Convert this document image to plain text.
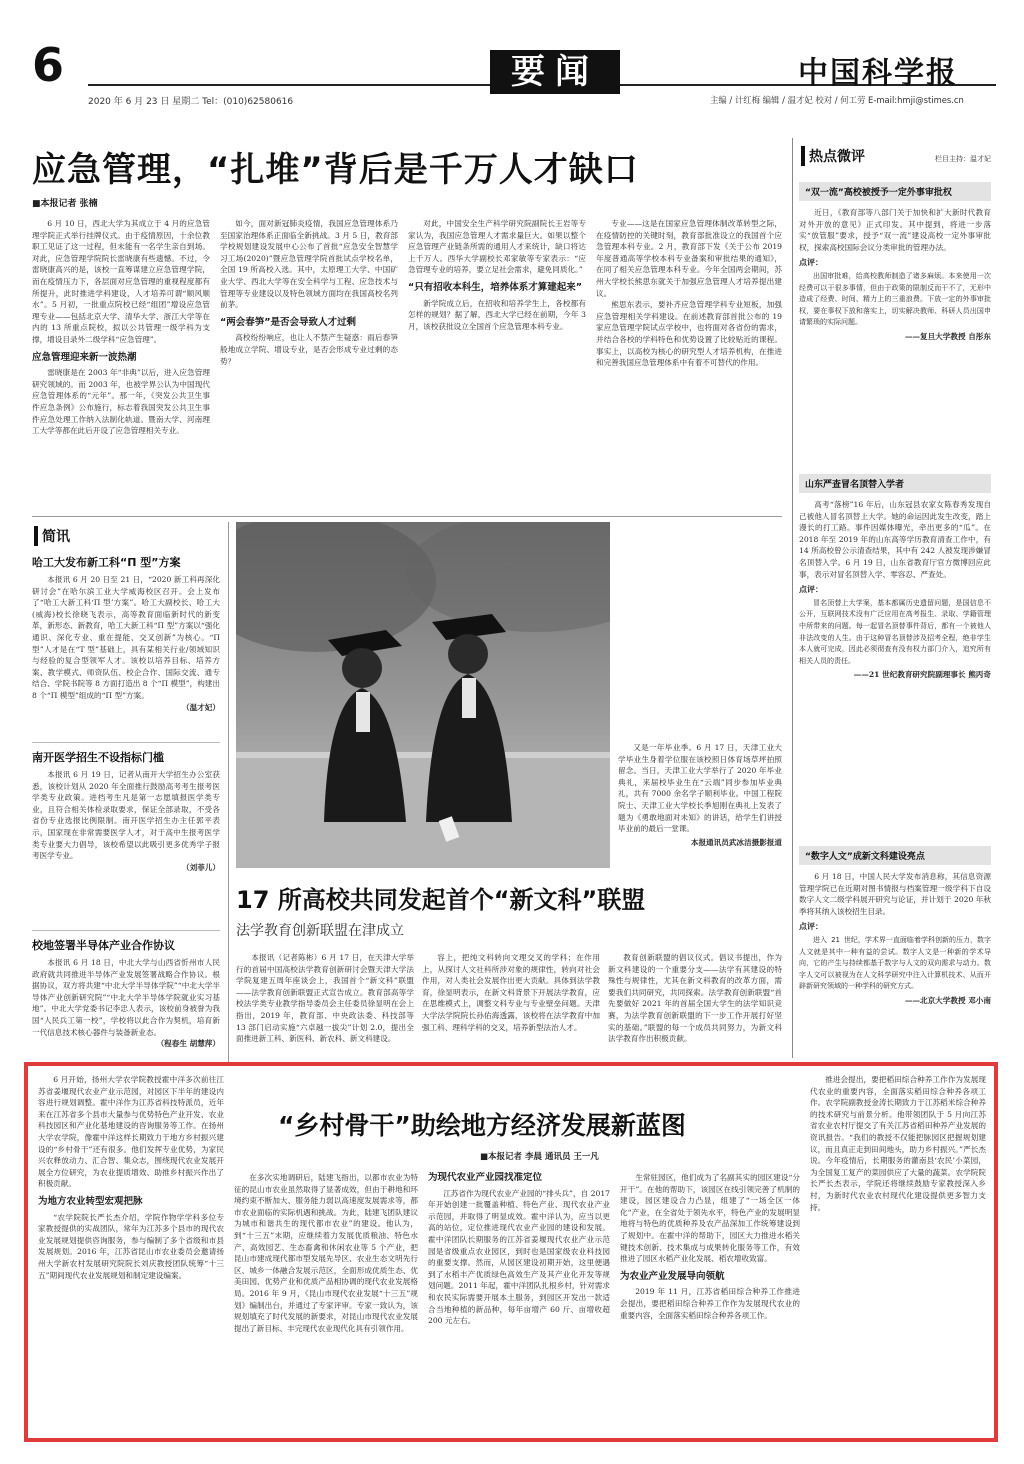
6
2020 年 6 月 23 日 星期二 Tel：(010)62580616
要闻	中国科学报
主编 / 计红梅 编辑 / 温才妃 校对 / 何工劳 E-mail:hmji@stimes.cn
应急管理，“扎堆”背后是千万人才缺口
■本报记者 张楠

6 月 10 日，西北大学为其成立于 4 月的应急管理学院正式举行挂牌仪式。由于疫情原因，十余位教职工见证了这一过程，但未能有一名学生亲自到场。对此，应急管理学院院长雷晓康有些遗憾。不过，令雷晓康高兴的是，该校一直筹谋建立应急管理学院，而在疫情压力下，各层面对应急管理的重视程度都有所提升，此时推进学科建设，人才培养可谓“顺风顺水”。5 月初，一批重点院校已经“组团”增设应急管理专业——包括北京大学、清华大学、浙江大学等在内的 13 所重点院校，拟以公共管理一级学科为支撑，增设目录外二级学科“应急管理”。

应急管理迎来新一波热潮

雷晓康是在 2003 年“非典”以后，进入应急管理研究领域的。而 2003 年，也被学界公认为中国现代应急管理体系的“元年”。那一年，《突发公共卫生事件应急条例》公布施行，标志着我国突发公共卫生事件应急处理工作纳入法制化轨道。暨南大学、河南理工大学等都在此后开设了应急管理相关专业。

如今，面对新冠肺炎疫情，我国应急管理体系乃至国家治理体系正面临全新挑战。3 月 5 日，教育部学校规划建设发展中心公布了首批“应急安全智慧学习工场(2020)”暨应急管理学院首批试点学校名单，全国 19 所高校入选。其中，太原理工大学、中国矿业大学、西北大学等在安全科学与工程、应急技术与管理等专业建设以及特色领域方面均在我国高校名列前茅。

“两会春笋”是否会导致人才过剩

高校纷纷响应，也让人不禁产生疑惑：雨后春笋般地成立学院、增设专业，是否会形成专业过剩的态势？

对此，中国安全生产科学研究院副院长王岩等专家认为，我国应急管理人才需求量巨大。如果以整个应急管理产业链条所需的通用人才来统计，缺口将达上千万人。西华大学副校长邓家敏等专家表示：“应急管理专业的培养，要立足社会需求，避免同质化。”

“只有招收本科生，培养体系才算建起来”

新学院成立后，在招收和培养学生上，各校都有怎样的规划？据了解，西北大学已经在前期，今年 3 月，该校获批设立全国首个应急管理本科专业。

专业——这是在国家应急管理体制改革转型之际，在疫情防控的关键时刻，教育部批准设立的我国首个应急管理本科专业。2 月，教育部下发《关于公布 2019 年度普通高等学校本科专业备案和审批结果的通知》，在同了相关应急管理本科专业。今年全国两会期间，苏州大学校长熊思东就关于加强应急管理人才培养提出建议。

熊思东表示，要补齐应急管理学科专业短板，加强应急管理相关学科建设。在前述教育部首批公布的 19 家应急管理学院试点学校中，也将面对各省份的需求，并结合各校的学科特色和优势设置了比较贴近的课程。事实上，以高校为核心的研究型人才培养机构，在推进和完善我国应急管理体系中有着不可替代的作用。

热点微评	栏目主持：温才妃
“双一流”高校被授予一定外事审批权

近日，《教育部等八部门关于加快和扩大新时代教育对外开放的意见》正式印发。其中提到，将进一步落实“放管服”要求，授予“双一流”建设高校一定外事审批权，探索高校国际会议分类审批的管理办法。

点评：

出国审批难，给高校教师制造了诸多麻烦。本来使用一次经费可以干很多事情，但由于政策的限制反而干不了，无形中造成了经费、时间、精力上的三重浪费。下放一定的外事审批权，要在事权下放和落实上，切实解决教师、科研人员出国申请繁琐的实际问题。

——复旦大学教授 自彤东
山东严查冒名顶替入学者

高考“落榜”16 年后，山东冠县农家女陈春秀发现自己被他人冒名顶替上大学。她的命运因此发生改变，踏上漫长的打工路。事件因媒体曝光，牵出更多的“瓜”。在 2018 年至 2019 年的山东高等学历教育清查工作中，有 14 所高校曾公示清查结果，其中有 242 人被发现涉嫌冒名顶替入学。6 月 19 日，山东省教育厅官方微博回应此事，表示对冒名顶替入学、零容忍、严查处。

点评：

冒名顶替上大学案，基本都属历史遗留问题，是国信息不公开，互联网技术没有广泛应用在高考报生、录取、学籍管理中所带来的问题。每一起冒名顶替事件背后，都有一个被他人非法改变的人生。由于这种冒名顶替涉及招考全程，绝非学生本人就可完成，因此必须彻查有没有权力部门介入，追究所有相关人员的责任。

——21 世纪教育研究院副理事长 熊丙奇
“数字人文”成新文科建设亮点

6 月 18 日，中国人民大学发布消息称，其信息资源管理学院已在近期对图书情报与档案管理一级学科下自设数字人文二级学科展开研究与论证，并计划于 2020 年秋季将其纳入该校招生目录。

点评：

进入 21 世纪，学术界一直面临着学科创新的压力，数字人文就是其中一种有益的尝试。数字人文是一种新的学术导向，它的产生与持续都基于数字与人文的双向需求与动力。数字人文可以被视为在人文科学研究中注入计算机技术、从而开辟新研究领域的一种学科的研究方式。

——北京大学教授 邓小南
简讯
哈工大发布新工科“Π 型”方案

本报讯 6 月 20 日至 21 日，“2020 新工科再深化研讨会”在哈尔滨工业大学威海校区召开。会上发布了“哈工大新工科‘Π 型’方案”。哈工大副校长、哈工大(威海)校长徐晓飞表示，高等教育面临新时代的新变革，新形态、新教育，哈工大新工科“Π 型”方案以“强化通识、深化专业、重在提能、交叉创新”为核心。“Π 型”人才是在“T 型”基础上，具有某相关行业/领域知识与经验的复合型领军人才。该校以培养目标、培养方案、教学模式、师资队伍、校企合作、国际交流、通专结合、学院书院等 8 方面打造出 8 个“Π 模型”，构建出 8 个“Π 模型”组成的“Π 型”方案。

（温才妃）
南开医学招生不设指标门槛

本报讯 6 月 19 日，记者从南开大学招生办公室获悉，该校计划从 2020 年全面推行鼓励高考考生报考医学类专业政策。进档考生凡是第一志愿填报医学类专业，且符合相关体检录取要求，保证全部录取，不受各省份专业选报比例限制。南开医学招生办主任郭平表示，国家现在非常需要医学人才，对于高中生报考医学类专业要大力倡导，该校希望以此吸引更多优秀学子报考医学专业。

（刘菲儿）
校地签署半导体产业合作协议

本报讯 6 月 18 日，中北大学与山西省忻州市人民政府就共同推进半导体产业发展签署战略合作协议。根据协议，双方将共建“中北大学半导体学院”“中北大学半导体产业创新研究院”“中北大学半导体学院就业实习基地”。中北大学党委书记李忠人表示，该校前身被誉为我国“人民兵工第一校”，学校将以此合作为契机，培育新一代信息技术核心器件与装备新业态。

（程春生 胡慧萍）

又是一年毕业季。6 月 17 日，天津工业大学毕业生身着学位服在该校照日体育场草坪拍照留念。当日，天津工业大学举行了 2020 年毕业典礼，来届校毕业生在“云端”同步参加毕业典礼，共有 7000 余名学子顺利毕业。中国工程院院士、天津工业大学校长季旭刚在典礼上发表了题为《勇敢地面对未知》的讲话，给学生们讲授毕业前的最后一堂课。

本报通讯员武冰洁摄影报道
17 所高校共同发起首个“新文科”联盟
法学教育创新联盟在津成立

本报讯（记者陈彬）6 月 17 日，在天津大学举行的首届中国高校法学教育创新研讨会暨天津大学法学院复建五周年座谈会上，我国首个“新文科”联盟——法学教育创新联盟正式宣告成立。教育部高等学校法学类专业教学指导委员会主任委员徐显明在会上指出，2019 年，教育部、中央政法委、科技部等 13 部门启动实施“六卓越一拔尖”计划 2.0，提出全面推进新工科、新医科、新农科、新文科建设。

容上，把纯文科转向文理交叉的学科；在作用上，从探讨人文社科所涉对象的规律性，转向对社会作用，对人类社会发展作出更大贡献。具体到法学教育，徐显明表示，在新文科背景下开展法学教育，应在思维模式上，调整文科专业与专业壁垒问题。天津大学法学院院长孙佑海透露，该校将在法学教育中加强工科、理科学科的交叉，培养新型法治人才。

教育创新联盟的倡议仪式。倡议书提出，作为新文科建设的一个重要分支——法学有其建设的特殊性与规律性，尤其在新文科教育的改革方面，需要我们共同研究，共同探索。法学教育创新联盟“首先要做好 2021 年的首届全国大学生的法学知识竞赛，为法学教育创新联盟的下一步工作开展打好坚实的基础。”联盟的每一个成员共同努力，为新文科法学教育作出积极贡献。

6 月开始，扬州大学农学院教授霍中洋多次前往江苏省姜堰现代农业产业示范园，对园区下半年的建设内容进行规划调整。霍中洋作为江苏省科技特派员，近年来在江苏省多个县市大量参与优势特色产业开发、农业科技园区和产业化基地建设的咨询服务等工作。在扬州大学农学院，像霍中洋这样长期致力于地方乡村振兴建设的“乡村骨干”还有很多。他们发挥专业优势，为家民兴农释放动力、汇合智、集众志，围绕现代农业发展开展全方位研究，为农业提质增效、助推乡村振兴作出了积极贡献。

为地方农业转型宏观把脉

“农学院院长严长杰介绍，学院作物学学科多位专家教授提供的实战团队，常年为江苏多个县市的现代农业发展规划提供咨询服务，参与编制了多个省级和市县发展规划。2016 年，江苏省昆山市农业委员会邀请扬州大学新农村发展研究院院长刘庆教授团队统筹“十三五”期间现代农业发展规划和制定建设编案。

“乡村骨干”助绘地方经济发展新蓝图
■本报记者 李晨 通讯员 王一凡

在多次实地调研后，陆建飞指出，以都市农业为特征的昆山市农业虽然取得了显著成效，但由于耕地和环境约束不断加大、服务能力弱以高速度发展需求等，都市农业面临的实际机遇和挑战。为此，陆建飞团队建议为城市和谐共生的现代都市农业”的建设。他认为，到“十三五”末期，应继续着力发展优质粮油、特色水产、高效园艺、生态畜禽和休闲农业等 5 个产业，把昆山市建成现代都市型发展先导区、农业生态文明先行区、城乡一体融合发展示范区，全面形成优质生态、优美田园、优势产业和优质产品相协调的现代农业发展格局。2016 年 9 月，《昆山市现代农业发展“十三五”规划》编制出台，并通过了专家评审。专家一致认为，该规划填充了时代发展的新要求，对昆山市现代农业发展提出了新目标、丰完现代农业现代化具有引领作用。

为现代农业产业园找准定位

江苏省作为现代农业产业园的“排头兵”，自 2017 年开始创建一批覆盖种植、特色产业、现代农业产业示范园，并取得了明显成效。霍中洋认为，应当以更高的站位，定位推进现代农业产业园的建设和发展。霍中洋团队长期服务的江苏省姜堰现代农业产业示范园是省级重点农业园区，到时也是国家级农业科技园的重要支撑。然而，从园区建设初期开始，这里便遇到了水稻丰产优质绿色高效生产及其产业化开发等规划问题。2011 年起，霍中洋团队扎根乡村，针对需求和农民实际需要开展本土服务，到园区开发出一款适合当地种植的新品种，每年亩增产 60 斤、亩增收超 200 元左右。

生常驻园区，他们成为了名副其实的园区建设“分开干”。在他的帮助下，该园区在线引领完善了机制的建设，园区建设合力凸显，组建了“一场全区一体化“产业，在全省处于领先水平，特色产业的发展明显地将与特色的优质种养及农产品深加工作统筹建设到了规划中。在霍中洋的帮助下，园区大力推进水稻关键技术创新、技术集成与成果转化服务等工作，有效推进了园区水稻产业化发展、稻农增收致富。

为农业产业发展导向领航

2019 年 11 月，江苏省稻田综合种养工作推进会提出，要把稻田综合种养工作作为发展现代农业的重要内容，全面落实稻田综合种养各项工作。

推进会提出，要把稻田综合种养工作作为发展现代农业的重要内容，全面落实稻田综合种养各项工作。农学院副教授金涛长期致力于江苏稻米综合种养的技术研究与前景分析。他带领团队于 5 月向江苏省农业农村厅提交了有关江苏省稻田种养产业发展的资讯报告。“我们的教授不仅能把脉园区把握规划建议，而且真正走到田间地头，助力乡村振兴。”严长杰说。今年疫情后，长期服务的灌南县‘农民’小菜园，为全国复工复产的菜园供应了大量的蔬菜。农学院院长严长杰表示，学院还将继续鼓励专家教授深入乡村，为新时代农业农村现代化建设提供更多智力支持。
